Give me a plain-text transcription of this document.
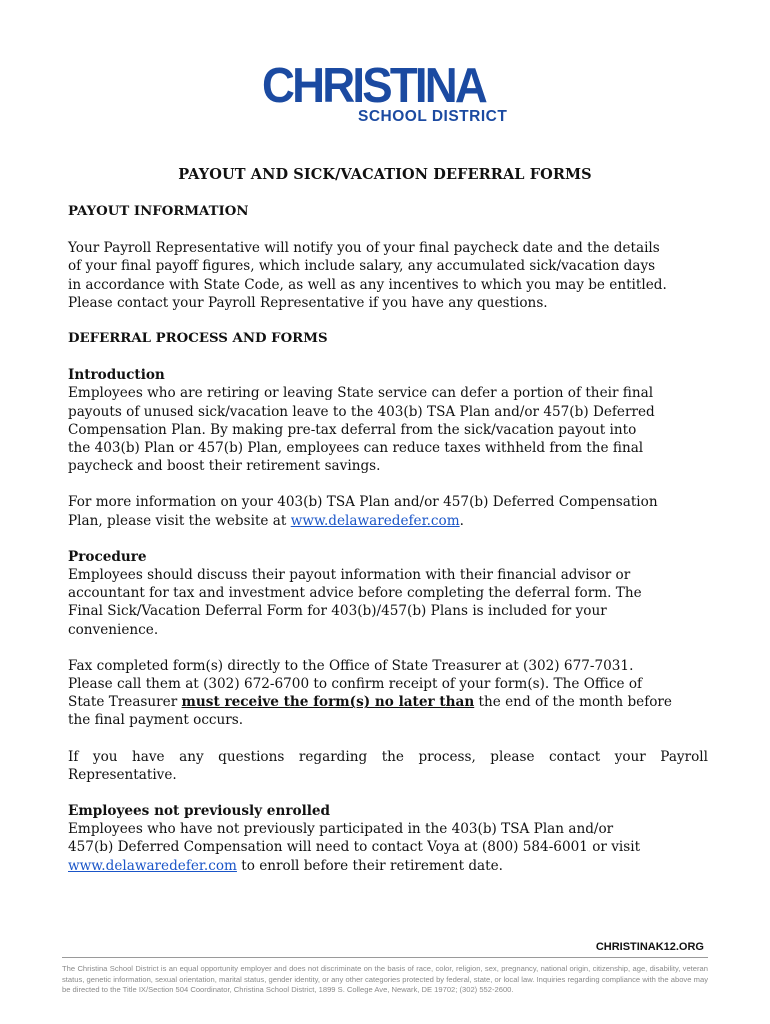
CHRISTINA
SCHOOL DISTRICT
PAYOUT AND SICK/VACATION DEFERRAL FORMS

PAYOUT INFORMATION

Your Payroll Representative will notify you of your final paycheck date and the details

of your final payoff figures, which include salary, any accumulated sick/vacation days

in accordance with State Code, as well as any incentives to which you may be entitled.

Please contact your Payroll Representative if you have any questions.

DEFERRAL PROCESS AND FORMS

Introduction

Employees who are retiring or leaving State service can defer a portion of their final

payouts of unused sick/vacation leave to the 403(b) TSA Plan and/or 457(b) Deferred

Compensation Plan. By making pre-tax deferral from the sick/vacation payout into

the 403(b) Plan or 457(b) Plan, employees can reduce taxes withheld from the final

paycheck and boost their retirement savings.

For more information on your 403(b) TSA Plan and/or 457(b) Deferred Compensation

Plan, please visit the website at www.delawaredefer.com.

Procedure

Employees should discuss their payout information with their financial advisor or

accountant for tax and investment advice before completing the deferral form. The

Final Sick/Vacation Deferral Form for 403(b)/457(b) Plans is included for your

convenience.

Fax completed form(s) directly to the Office of State Treasurer at (302) 677-7031.

Please call them at (302) 672-6700 to confirm receipt of your form(s). The Office of

State Treasurer must receive the form(s) no later than the end of the month before

the final payment occurs.

If you have any questions regarding the process, please contact your Payroll

Representative.

Employees not previously enrolled

Employees who have not previously participated in the 403(b) TSA Plan and/or

457(b) Deferred Compensation will need to contact Voya at (800) 584-6001 or visit

www.delawaredefer.com to enroll before their retirement date.

CHRISTINAK12.ORG
The Christina School District is an equal opportunity employer and does not discriminate on the basis of race, color, religion, sex, pregnancy, national origin, citizenship, age, disability, veteran status, genetic information, sexual orientation, marital status, gender identity, or any other categories protected by federal, state, or local law. Inquiries regarding compliance with the above may be directed to the Title IX/Section 504 Coordinator, Christina School District, 1899 S. College Ave, Newark, DE 19702; (302) 552-2600.
